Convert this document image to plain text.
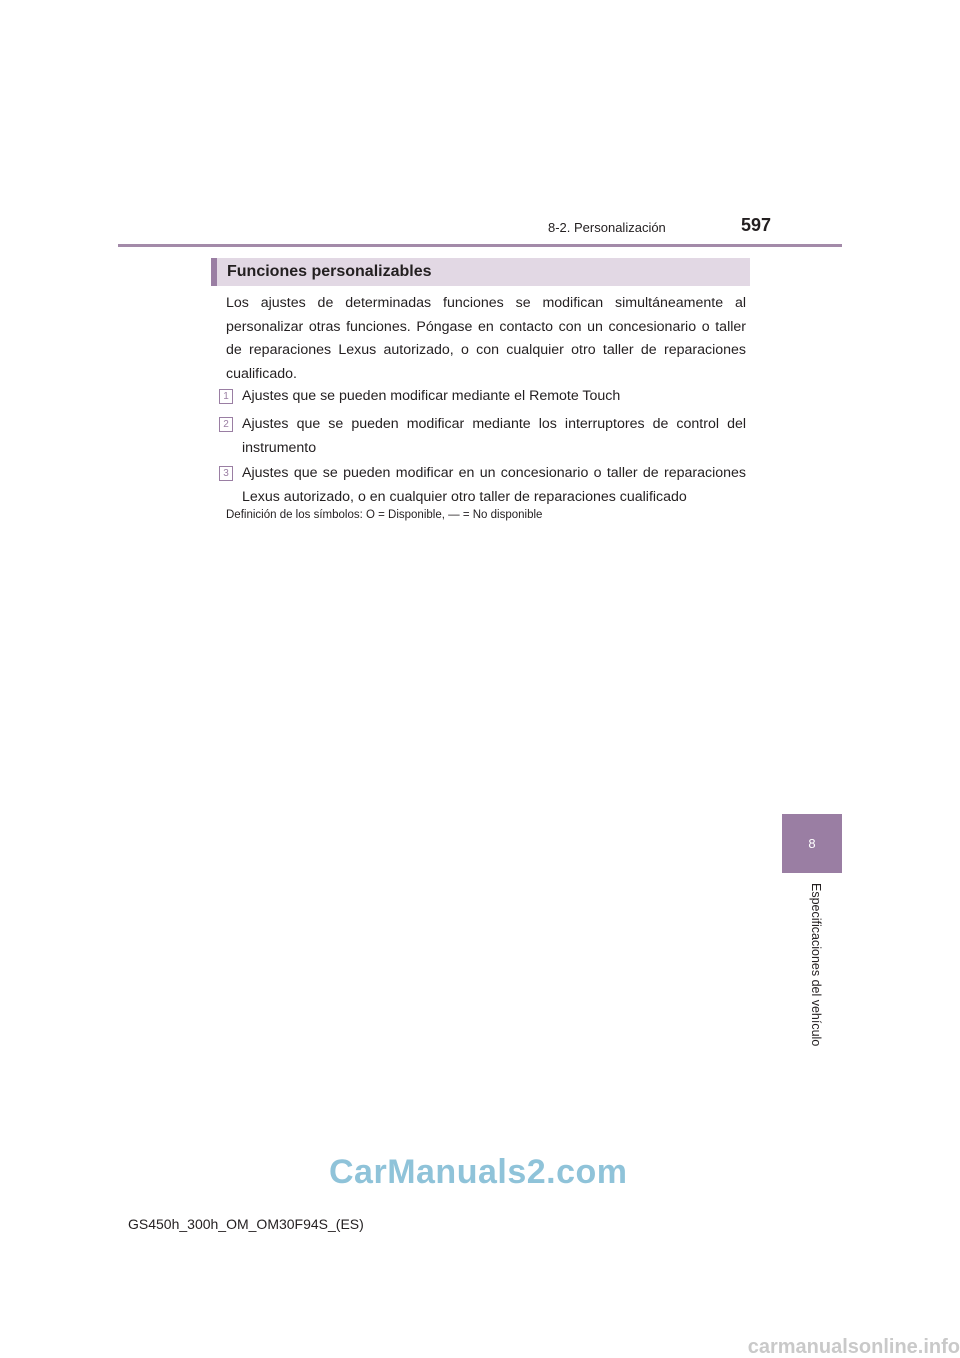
8-2. Personalización	597
Funciones personalizables
Los ajustes de determinadas funciones se modifican simultáneamente al personalizar otras funciones. Póngase en contacto con un concesionario o taller de reparaciones Lexus autorizado, o con cualquier otro taller de reparaciones cualificado.
1 Ajustes que se pueden modificar mediante el Remote Touch
2 Ajustes que se pueden modificar mediante los interruptores de control del instrumento
3 Ajustes que se pueden modificar en un concesionario o taller de reparaciones Lexus autorizado, o en cualquier otro taller de reparaciones cualificado
Definición de los símbolos: O = Disponible, — = No disponible
8
Especificaciones del vehículo
GS450h_300h_OM_OM30F94S_(ES)
CarManuals2.com
carmanualsonline.info
